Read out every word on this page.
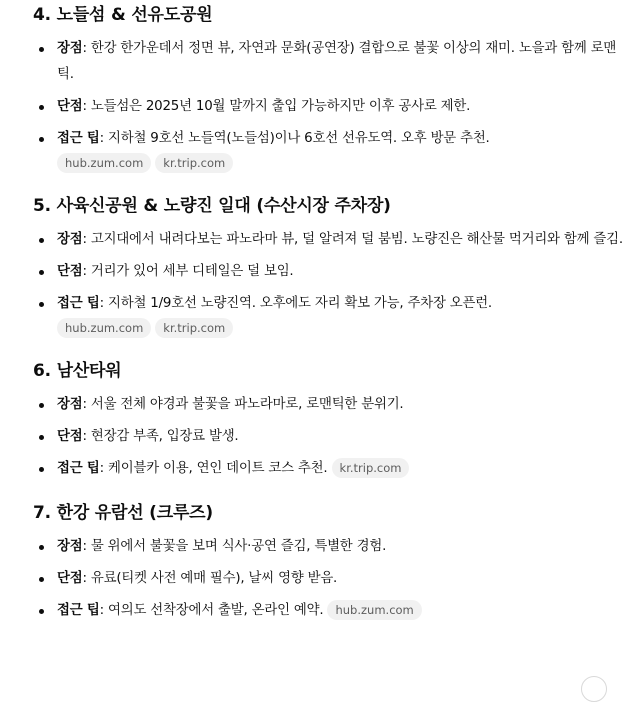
4. 노들섬 & 선유도공원
장점: 한강 한가운데서 정면 뷰, 자연과 문화(공연장) 결합으로 불꽃 이상의 재미. 노을과 함께 로맨틱.
단점: 노들섬은 2025년 10월 말까지 출입 가능하지만 이후 공사로 제한.
접근 팁: 지하철 9호선 노들역(노들섬)이나 6호선 선유도역. 오후 방문 추천.
hub.zum.com kr.trip.com
5. 사육신공원 & 노량진 일대 (수산시장 주차장)
장점: 고지대에서 내려다보는 파노라마 뷰, 덜 알려져 덜 붐빔. 노량진은 해산물 먹거리와 함께 즐김.
단점: 거리가 있어 세부 디테일은 덜 보임.
접근 팁: 지하철 1/9호선 노량진역. 오후에도 자리 확보 가능, 주차장 오픈런.
hub.zum.com kr.trip.com
6. 남산타워
장점: 서울 전체 야경과 불꽃을 파노라마로, 로맨틱한 분위기.
단점: 현장감 부족, 입장료 발생.
접근 팁: 케이블카 이용, 연인 데이트 코스 추천. kr.trip.com
7. 한강 유람선 (크루즈)
장점: 물 위에서 불꽃을 보며 식사·공연 즐김, 특별한 경험.
단점: 유료(티켓 사전 예매 필수), 날씨 영향 받음.
접근 팁: 여의도 선착장에서 출발, 온라인 예약. hub.zum.com
